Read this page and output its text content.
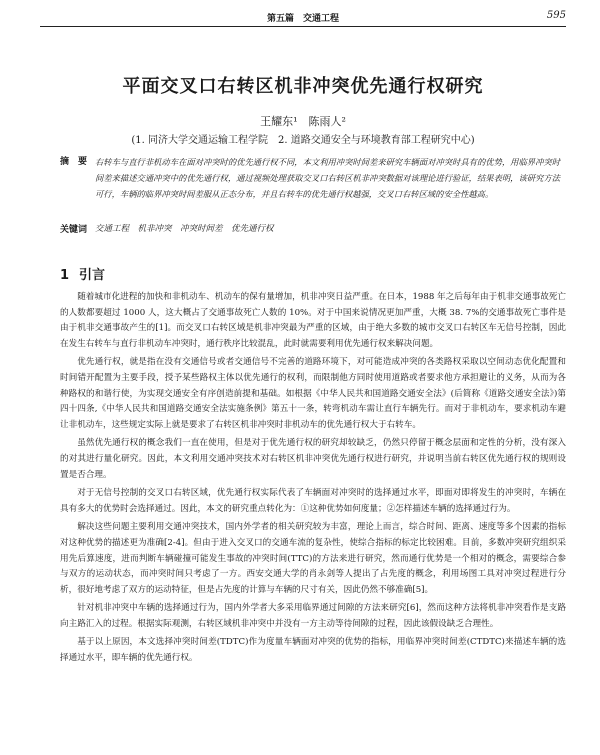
第五篇　交通工程	595
平面交叉口右转区机非冲突优先通行权研究
王耀东¹　陈雨人²
(1. 同济大学交通运输工程学院　2. 道路交通安全与环境教育部工程研究中心)
摘　要 右转车与直行非机动车在面对冲突时的优先通行权不同，本文利用冲突时间差来研究车辆面对冲突时具有的优势，用临界冲突时间差来描述交通冲突中的优先通行权，通过视频处理获取交叉口右转区机非冲突数据对该理论进行验证，结果表明，该研究方法可行，车辆的临界冲突时间差服从正态分布，并且右转车的优先通行权越强，交叉口右转区域的安全性越高。
关键词 交通工程　机非冲突　冲突时间差　优先通行权
1 引言

随着城市化进程的加快和非机动车、机动车的保有量增加，机非冲突日益严重。在日本，1988 年之后每年由于机非交通事故死亡的人数都要超过 1000 人，这大概占了交通事故死亡人数的 10%。对于中国来说情况更加严重，大概 38. 7%的交通事故死亡事件是由于机非交通事故产生的[1]。而交叉口右转区域是机非冲突最为严重的区域，由于绝大多数的城市交叉口右转区车无信号控制，因此在发生右转车与直行非机动车冲突时，通行秩序比较混乱，此时就需要利用优先通行权来解决问题。

优先通行权，就是指在没有交通信号或者交通信号不完善的道路环境下，对可能造成冲突的各类路权采取以空间动态优化配置和时间错开配置为主要手段，授予某些路权主体以优先通行的权利，而限制他方同时使用道路或者要求他方承担避让的义务，从而为各种路权的和谐行使，为实现交通安全有序创造前提和基础。如根据《中华人民共和国道路交通安全法》(后简称《道路交通安全法》)第四十四条,《中华人民共和国道路交通安全法实施条例》第五十一条，转弯机动车需让直行车辆先行。而对于非机动车，要求机动车避让非机动车，这些规定实际上就是要求了右转区机非冲突时非机动车的优先通行权大于右转车。

虽然优先通行权的概念我们一直在使用，但是对于优先通行权的研究却较缺乏，仍然只停留于概念层面和定性的分析，没有深入的对其进行量化研究。因此，本文利用交通冲突技术对右转区机非冲突优先通行权进行研究，并说明当前右转区优先通行权的规则设置是否合理。

对于无信号控制的交叉口右转区域，优先通行权实际代表了车辆面对冲突时的选择通过水平，即面对即将发生的冲突时，车辆在具有多大的优势时会选择通过。因此，本文的研究重点转化为：①这种优势如何度量；②怎样描述车辆的选择通过行为。

解决这些问题主要利用交通冲突技术，国内外学者的相关研究较为丰富，理论上而言，综合时间、距离、速度等多个因素的指标对这种优势的描述更为准确[2-4]。但由于进入交叉口的交通车流的复杂性，使综合指标的标定比较困难。目前，多数冲突研究组织采用先后算速度，进而判断车辆碰撞可能发生事故的冲突时间(TTC)的方法来进行研究，然而通行优势是一个相对的概念，需要综合参与双方的运动状态，而冲突时间只考虑了一方。西安交通大学的肖永剑等人提出了占先度的概念，利用场图工具对冲突过程进行分析，很好地考虑了双方的运动特征，但是占先度的计算与车辆的尺寸有关，因此仍然不够准确[5]。

针对机非冲突中车辆的选择通过行为，国内外学者大多采用临界通过间隙的方法来研究[6]，然而这种方法将机非冲突看作是支路向主路汇入的过程。根据实际观测，右转区域机非冲突中并没有一方主动等待间隙的过程，因此该假设缺乏合理性。

基于以上原因，本文选择冲突时间差(TDTC)作为度量车辆面对冲突的优势的指标，用临界冲突时间差(CTDTC)来描述车辆的选择通过水平，即车辆的优先通行权。
